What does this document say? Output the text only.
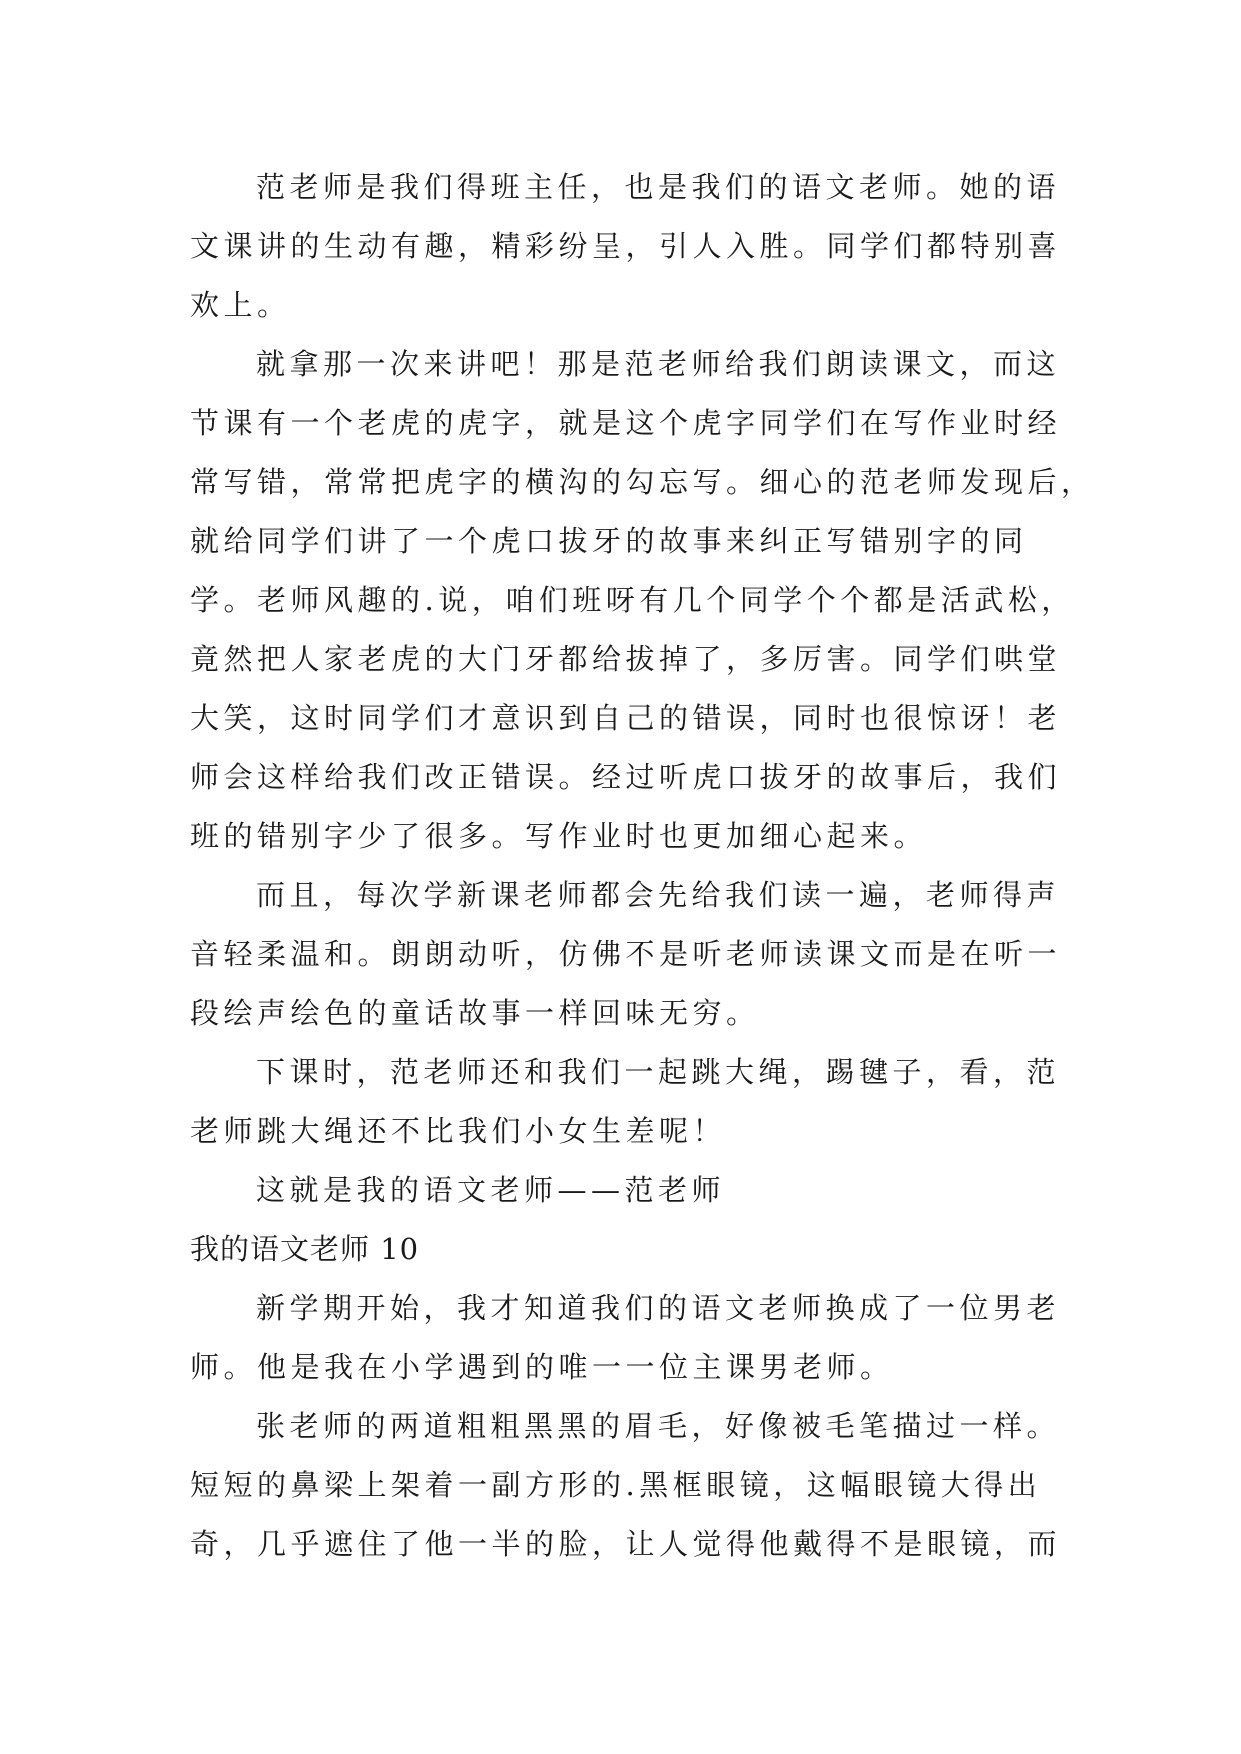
范老师是我们得班主任，也是我们的语文老师。她的语
文课讲的生动有趣，精彩纷呈，引人入胜。同学们都特别喜
欢上。
就拿那一次来讲吧！那是范老师给我们朗读课文，而这
节课有一个老虎的虎字，就是这个虎字同学们在写作业时经
常写错，常常把虎字的横沟的勾忘写。细心的范老师发现后，
就给同学们讲了一个虎口拔牙的故事来纠正写错别字的同
学。老师风趣的.说，咱们班呀有几个同学个个都是活武松，
竟然把人家老虎的大门牙都给拔掉了，多厉害。同学们哄堂
大笑，这时同学们才意识到自己的错误，同时也很惊讶！老
师会这样给我们改正错误。经过听虎口拔牙的故事后，我们
班的错别字少了很多。写作业时也更加细心起来。
而且，每次学新课老师都会先给我们读一遍，老师得声
音轻柔温和。朗朗动听，仿佛不是听老师读课文而是在听一
段绘声绘色的童话故事一样回味无穷。
下课时，范老师还和我们一起跳大绳，踢毽子，看，范
老师跳大绳还不比我们小女生差呢！
这就是我的语文老师——范老师
我的语文老师 10
新学期开始，我才知道我们的语文老师换成了一位男老
师。他是我在小学遇到的唯一一位主课男老师。
张老师的两道粗粗黑黑的眉毛，好像被毛笔描过一样。
短短的鼻梁上架着一副方形的.黑框眼镜，这幅眼镜大得出
奇，几乎遮住了他一半的脸，让人觉得他戴得不是眼镜，而
